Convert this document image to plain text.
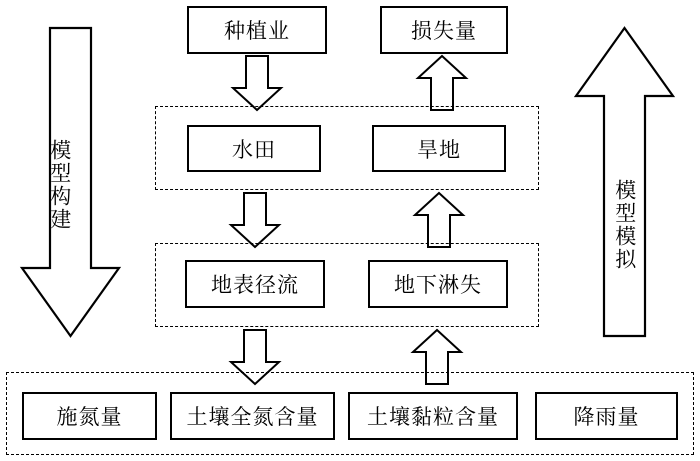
模型构建	模型模拟
种植业	损失量
水田	旱地
地表径流	地下淋失
施氮量	土壤全氮含量	土壤黏粒含量	降雨量
